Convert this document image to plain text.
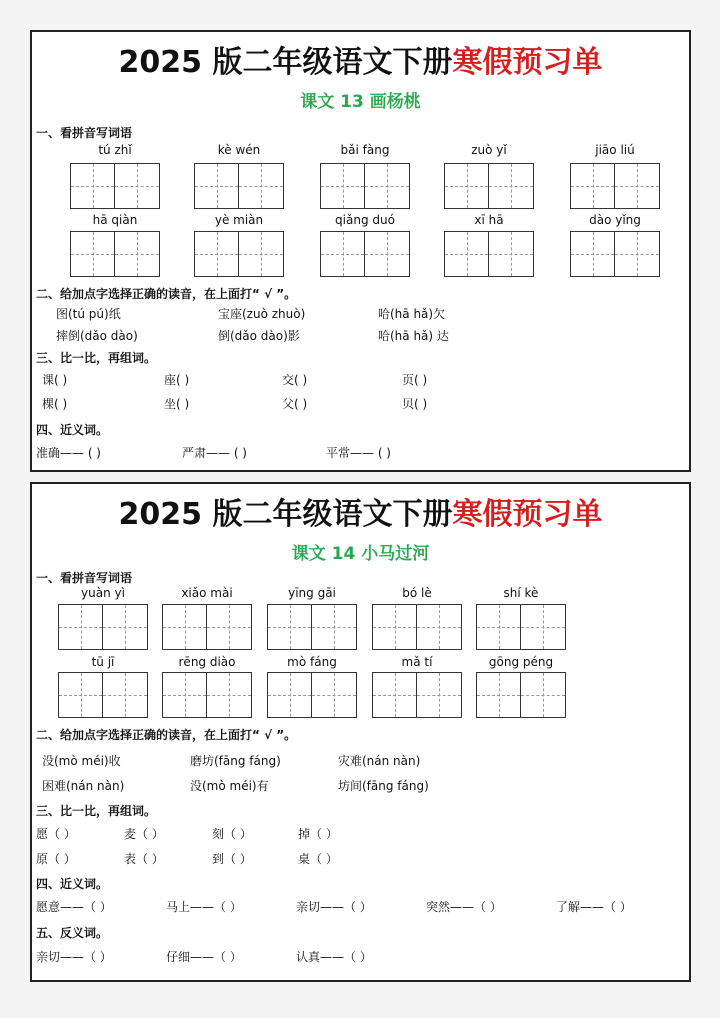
2025 版二年级语文下册寒假预习单
课文 13 画杨桃
一、看拼音写词语
tú zhǐ	kè wén	bǎi fàng	zuò yǐ	jiāo liú
hā qiàn	yè miàn	qiǎng duó	xī hā	dào yǐng
二、给加点字选择正确的读音，在上面打“ √ ”。
图(tú pú)纸	宝座(zuò zhuò)	哈(hā hǎ)欠
摔倒(dǎo dào)	倒(dǎo dào)影	哈(hā hǎ) 达
三、比一比，再组词。
课( )	座( )	交( )	页( )
棵( )	坐( )	父( )	贝( )
四、近义词。
准确—— ( )	严肃—— ( )	平常—— ( )
2025 版二年级语文下册寒假预习单
课文 14 小马过河
一、看拼音写词语
yuàn yì	xiǎo mài	yīng gāi	bó lè	shí kè
tū jī	rēng diào	mò fáng	mǎ tí	gōng péng
二、给加点字选择正确的读音，在上面打“ √ ”。
没(mò méi)收	磨坊(fāng fáng)	灾难(nán nàn)
困难(nán nàn)	没(mò méi)有	坊间(fāng fáng)
三、比一比，再组词。
愿（ ）	麦（ ）	刻（ ）	掉（ ）
原（ ）	表（ ）	到（ ）	桌（ ）
四、近义词。
愿意——（ ）	马上——（ ）	亲切——（ ）	突然——（ ）	了解——（ ）
五、反义词。
亲切——（ ）	仔细——（ ）	认真——（ ）
